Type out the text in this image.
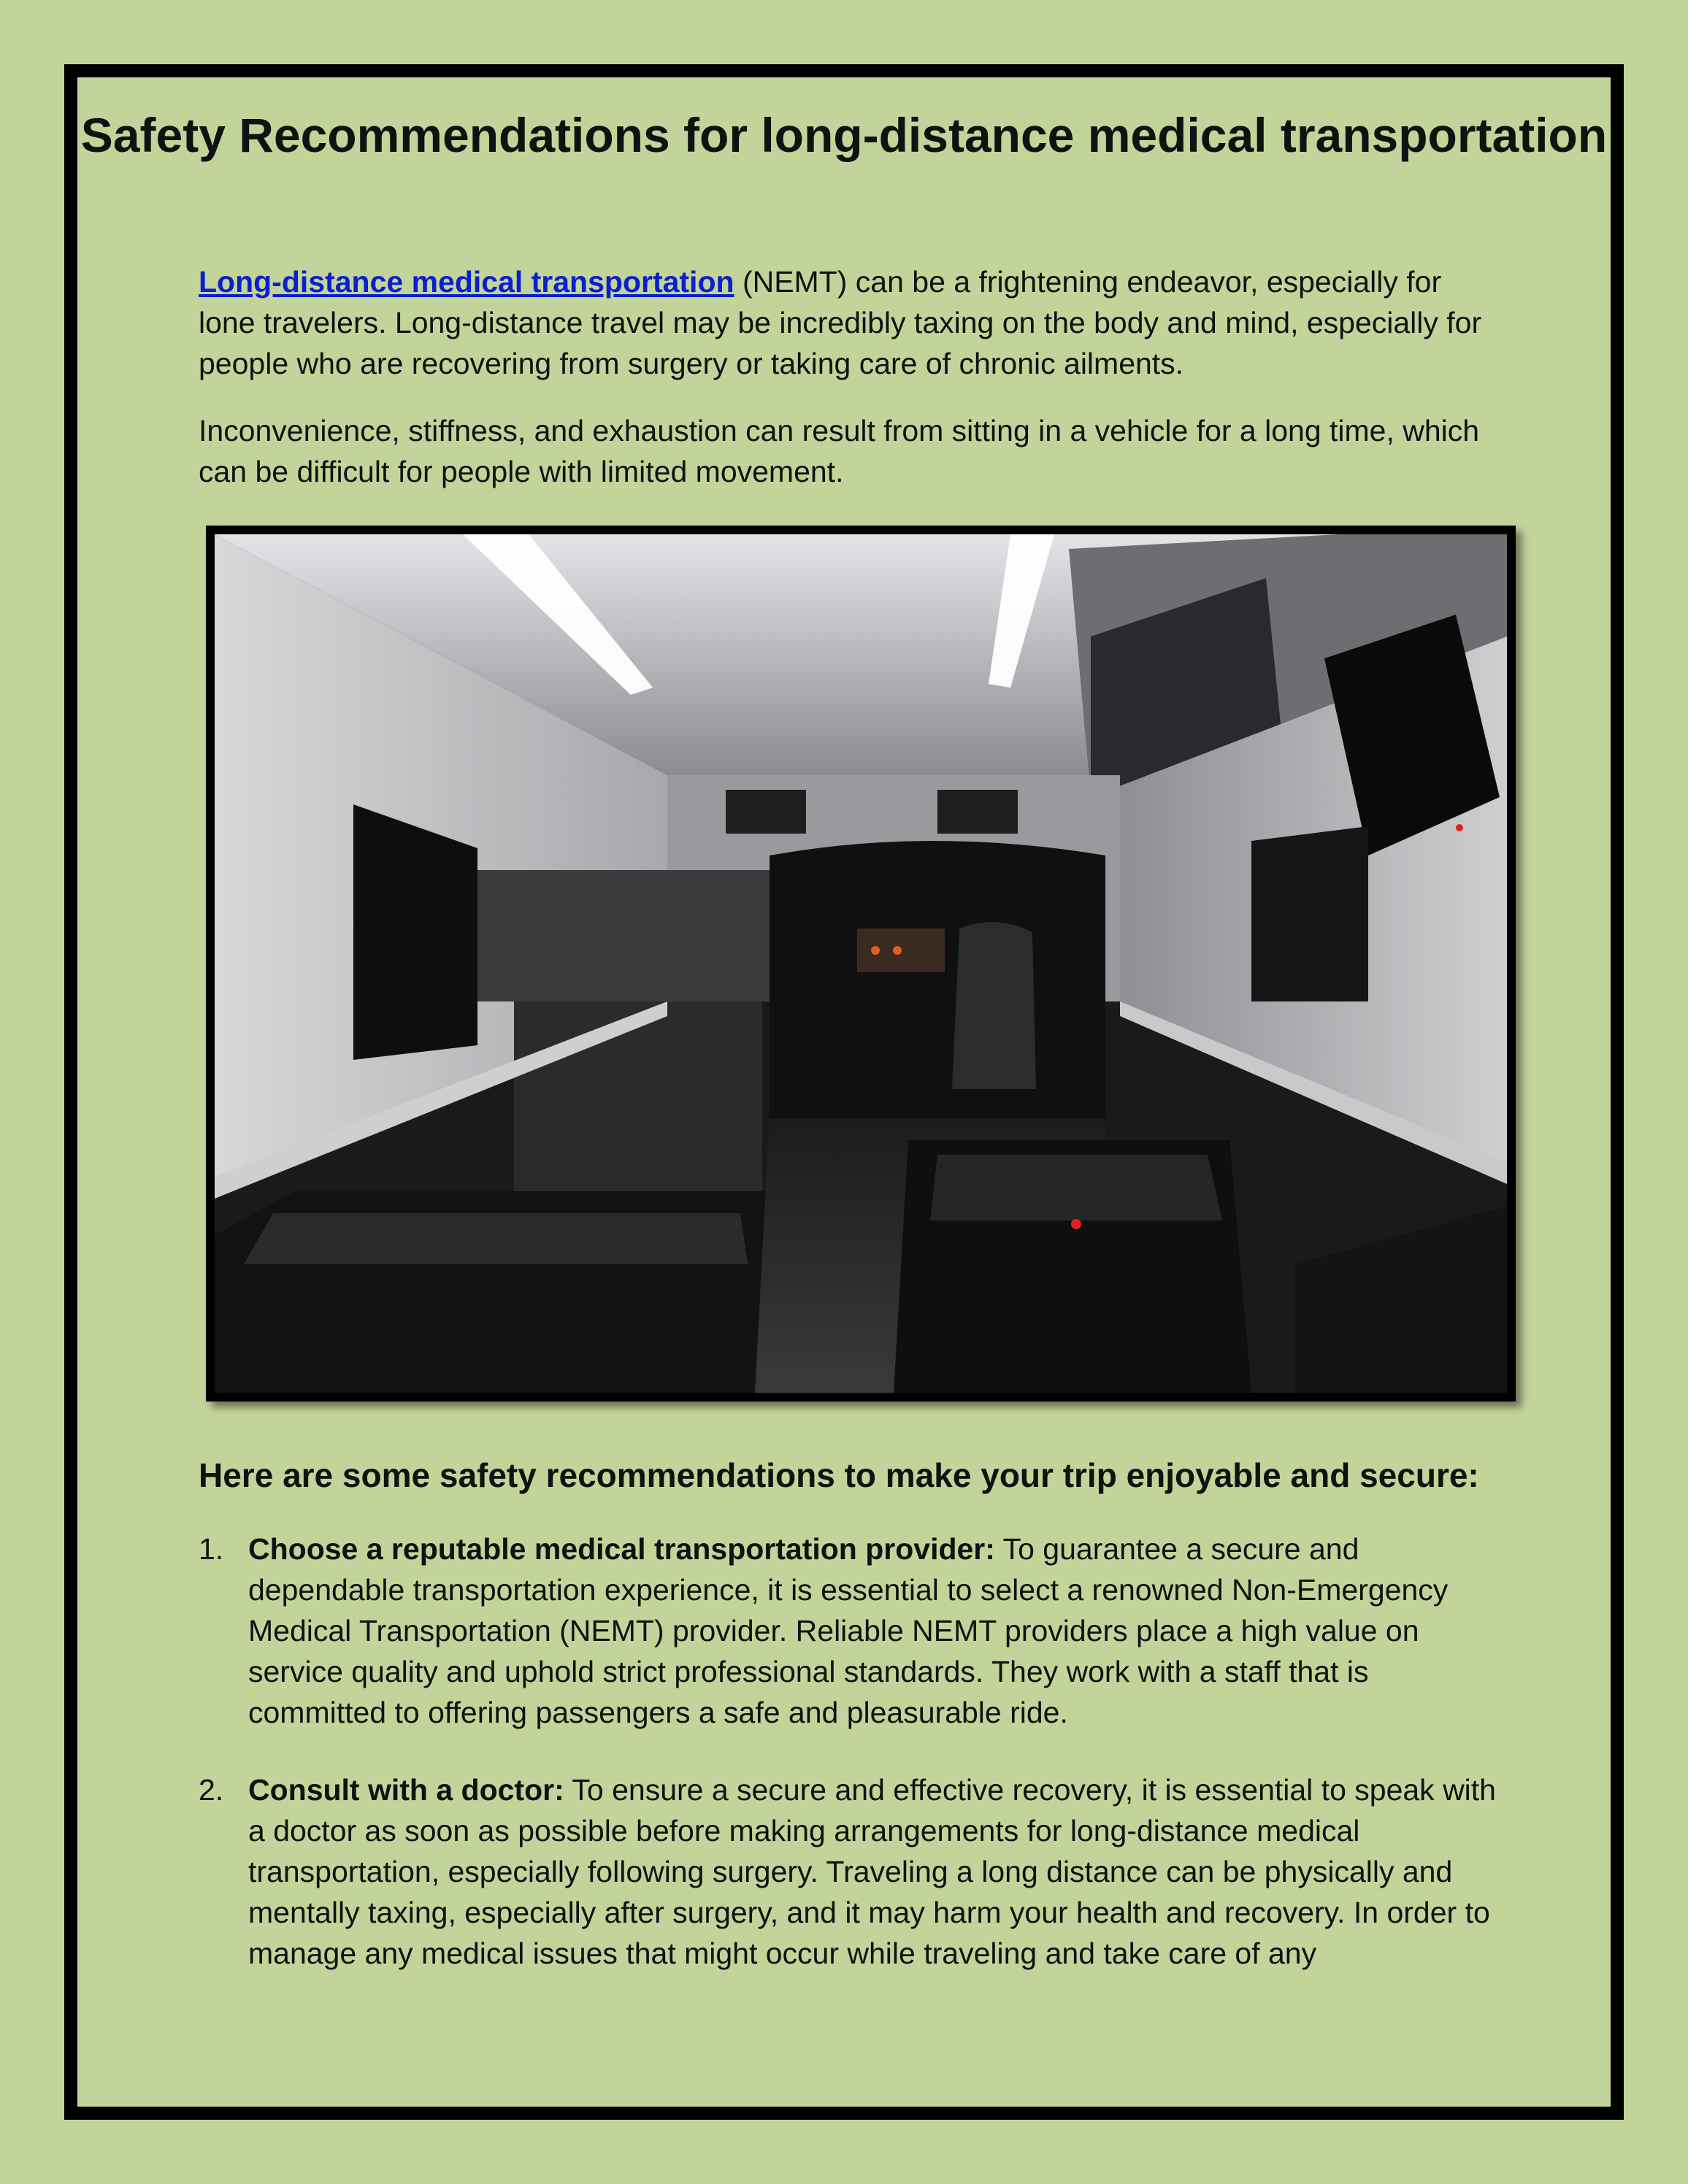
Safety Recommendations for long-distance medical transportation

Long-distance medical transportation (NEMT) can be a frightening endeavor, especially for lone travelers. Long-distance travel may be incredibly taxing on the body and mind, especially for people who are recovering from surgery or taking care of chronic ailments.

Inconvenience, stiffness, and exhaustion can result from sitting in a vehicle for a long time, which can be difficult for people with limited movement.

Here are some safety recommendations to make your trip enjoyable and secure:
1. Choose a reputable medical transportation provider: To guarantee a secure and dependable transportation experience, it is essential to select a renowned Non-Emergency Medical Transportation (NEMT) provider. Reliable NEMT providers place a high value on service quality and uphold strict professional standards. They work with a staff that is committed to offering passengers a safe and pleasurable ride.
2. Consult with a doctor: To ensure a secure and effective recovery, it is essential to speak with a doctor as soon as possible before making arrangements for long-distance medical transportation, especially following surgery. Traveling a long distance can be physically and mentally taxing, especially after surgery, and it may harm your health and recovery. In order to manage any medical issues that might occur while traveling and take care of any
